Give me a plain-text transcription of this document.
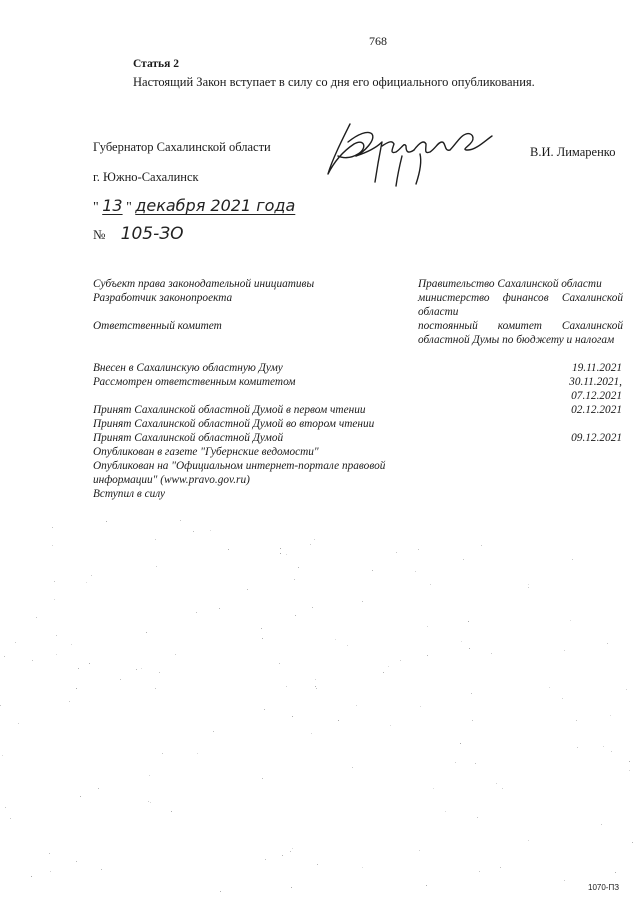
768
Статья 2
Настоящий Закон вступает в силу со дня его официального опубликования.
Губернатор Сахалинской области	В.И. Лимаренко
г. Южно-Сахалинск
" 13 " декабря 2021 года
№ 105-ЗО
Субъект права законодательной инициативы	Правительство Сахалинской области
Разработчик законопроекта	министерство финансов Сахалинской области
Ответственный комитет	постоянный комитет Сахалинской областной Думы по бюджету и налогам
Внесен в Сахалинскую областную Думу	19.11.2021
Рассмотрен ответственным комитетом	30.11.2021,
07.12.2021
Принят Сахалинской областной Думой в первом чтении	02.12.2021
Принят Сахалинской областной Думой во втором чтении
Принят Сахалинской областной Думой	09.12.2021
Опубликован в газете "Губернские ведомости"
Опубликован на "Официальном интернет-портале правовой
информации" (www.pravo.gov.ru)
Вступил в силу
1070-ПЗ
